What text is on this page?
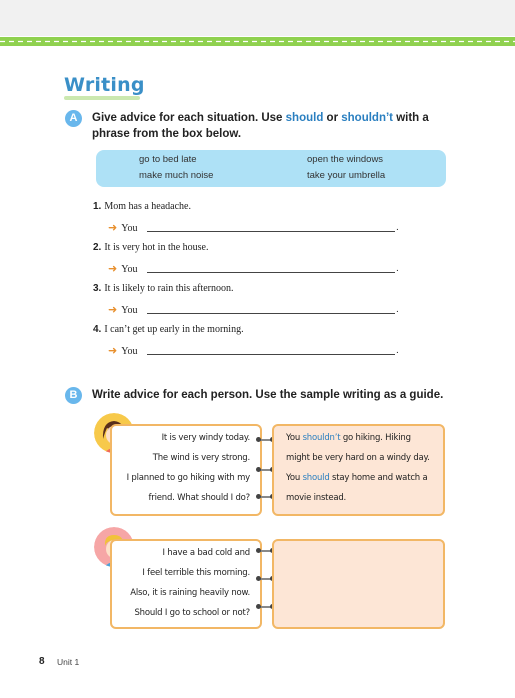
Writing
A	Give advice for each situation. Use should or shouldn’t with a phrase from the box below.
go to bed late	open the windows
make much noise	take your umbrella
1. Mom has a headache.
➜ You	.
2. It is very hot in the house.
➜ You	.
3. It is likely to rain this afternoon.
➜ You	.
4. I can’t get up early in the morning.
➜ You	.
B	Write advice for each person. Use the sample writing as a guide.
It is very windy today.
The wind is very strong.
I planned to go hiking with my
friend. What should I do?
You shouldn’t go hiking. Hiking
might be very hard on a windy day.
You should stay home and watch a
movie instead.
I have a bad cold and
I feel terrible this morning.
Also, it is raining heavily now.
Should I go to school or not?
8 Unit 1
